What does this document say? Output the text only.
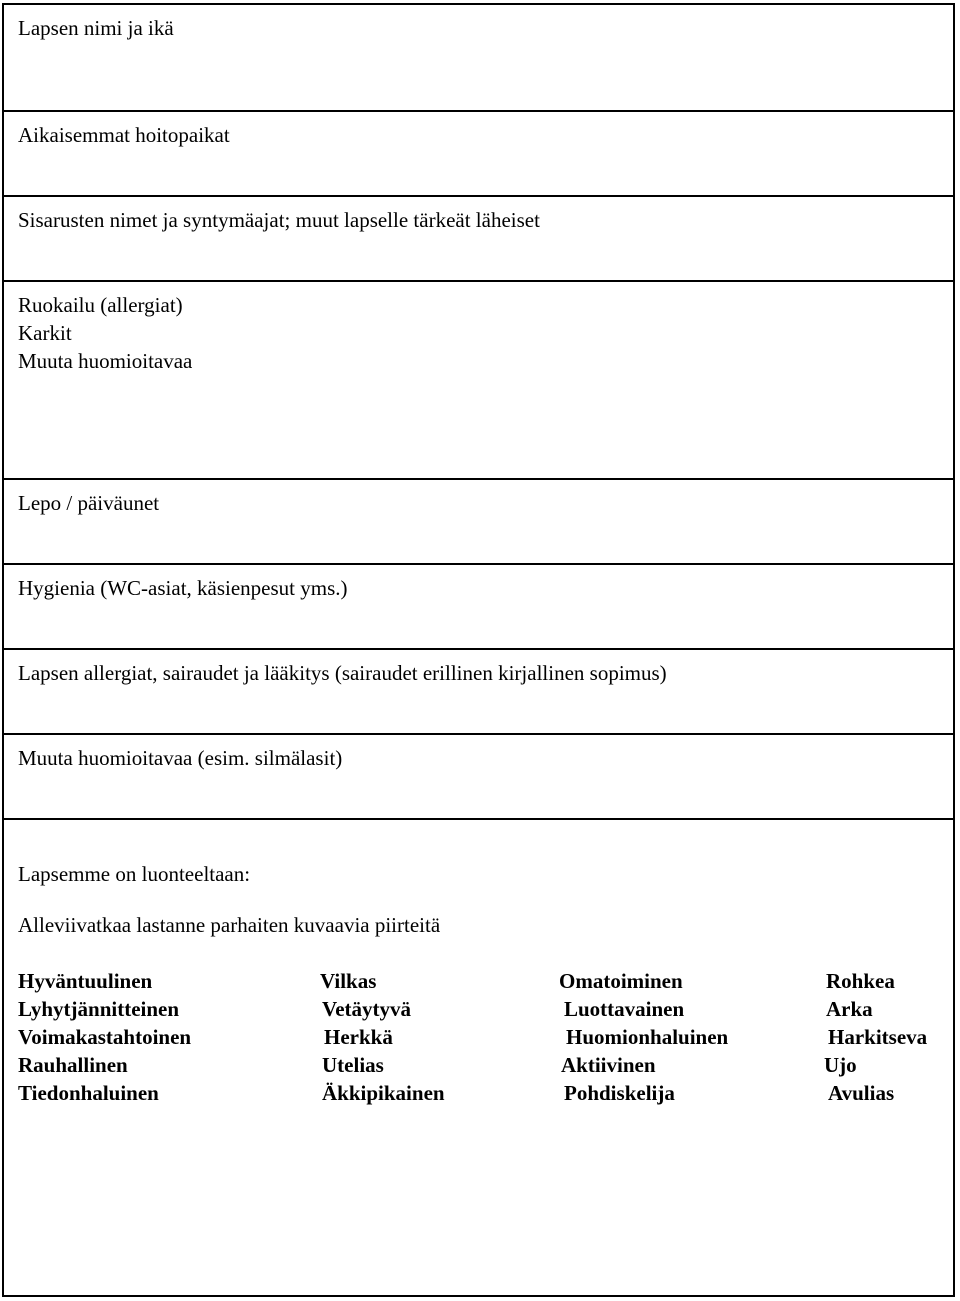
Lapsen nimi ja ikä
Aikaisemmat hoitopaikat
Sisarusten nimet ja syntymäajat; muut lapselle tärkeät läheiset
Ruokailu (allergiat)
Karkit
Muuta huomioitavaa
Lepo / päiväunet
Hygienia (WC-asiat, käsienpesut yms.)
Lapsen allergiat, sairaudet ja lääkitys (sairaudet erillinen kirjallinen sopimus)
Muuta huomioitavaa (esim. silmälasit)
Lapsemme on luonteeltaan:
Alleviivatkaa lastanne parhaiten kuvaavia piirteitä
Hyväntuulinen	Vilkas	Omatoiminen	Rohkea
Lyhytjännitteinen	Vetäytyvä	Luottavainen	Arka
Voimakastahtoinen	Herkkä	Huomionhaluinen	Harkitseva
Rauhallinen	Utelias	Aktiivinen	Ujo
Tiedonhaluinen	Äkkipikainen	Pohdiskelija	Avulias
